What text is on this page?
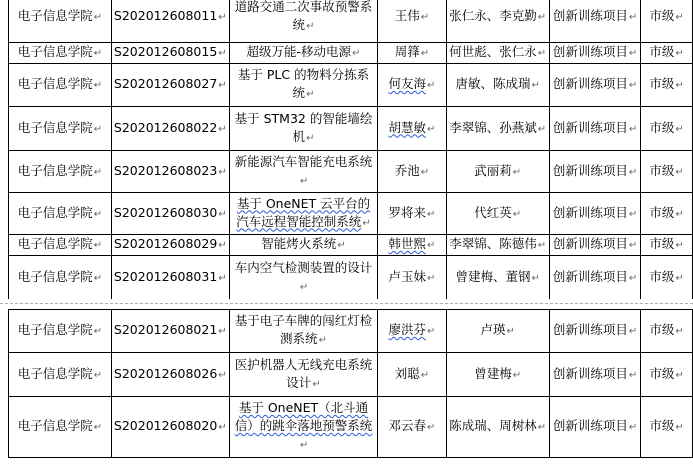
电子信息学院↵	S202012608011↵	道路交通二次事故预警系统↵	王伟↵	张仁永、李克勤↵	创新训练项目↵	市级↵
电子信息学院↵	S202012608015↵	超级万能-移动电源↵	周箨↵	何世彪、张仁永↵	创新训练项目↵	市级↵
电子信息学院↵	S202012608027↵	基于 PLC 的物料分拣系统↵	何友海↵	唐敏、陈成瑞↵	创新训练项目↵	市级↵
电子信息学院↵	S202012608022↵	基于 STM32 的智能墙绘机↵	胡慧敏↵	李翠锦、孙燕斌↵	创新训练项目↵	市级↵
电子信息学院↵	S202012608023↵	新能源汽车智能充电系统↵	乔池↵	武丽莉↵	创新训练项目↵	市级↵
电子信息学院↵	S202012608030↵	基于 OneNET 云平台的汽车远程智能控制系统↵	罗将来↵	代红英↵	创新训练项目↵	市级↵
电子信息学院↵	S202012608029↵	智能烤火系统↵	韩世熙↵	李翠锦、陈德伟↵	创新训练项目↵	市级↵
电子信息学院↵	S202012608031↵	车内空气检测装置的设计↵	卢玉妹↵	曾建梅、董钢↵	创新训练项目↵	市级↵
电子信息学院↵	S202012608021↵	基于电子车牌的闯红灯检测系统↵	廖洪芬↵	卢瑛↵	创新训练项目↵	市级↵
电子信息学院↵	S202012608026↵	医护机器人无线充电系统设计↵	刘聪↵	曾建梅↵	创新训练项目↵	市级↵
电子信息学院↵	S202012608020↵	基于 OneNET（北斗通信）的跳伞落地预警系统↵	邓云春↵	陈成瑞、周树林↵	创新训练项目↵	市级↵
